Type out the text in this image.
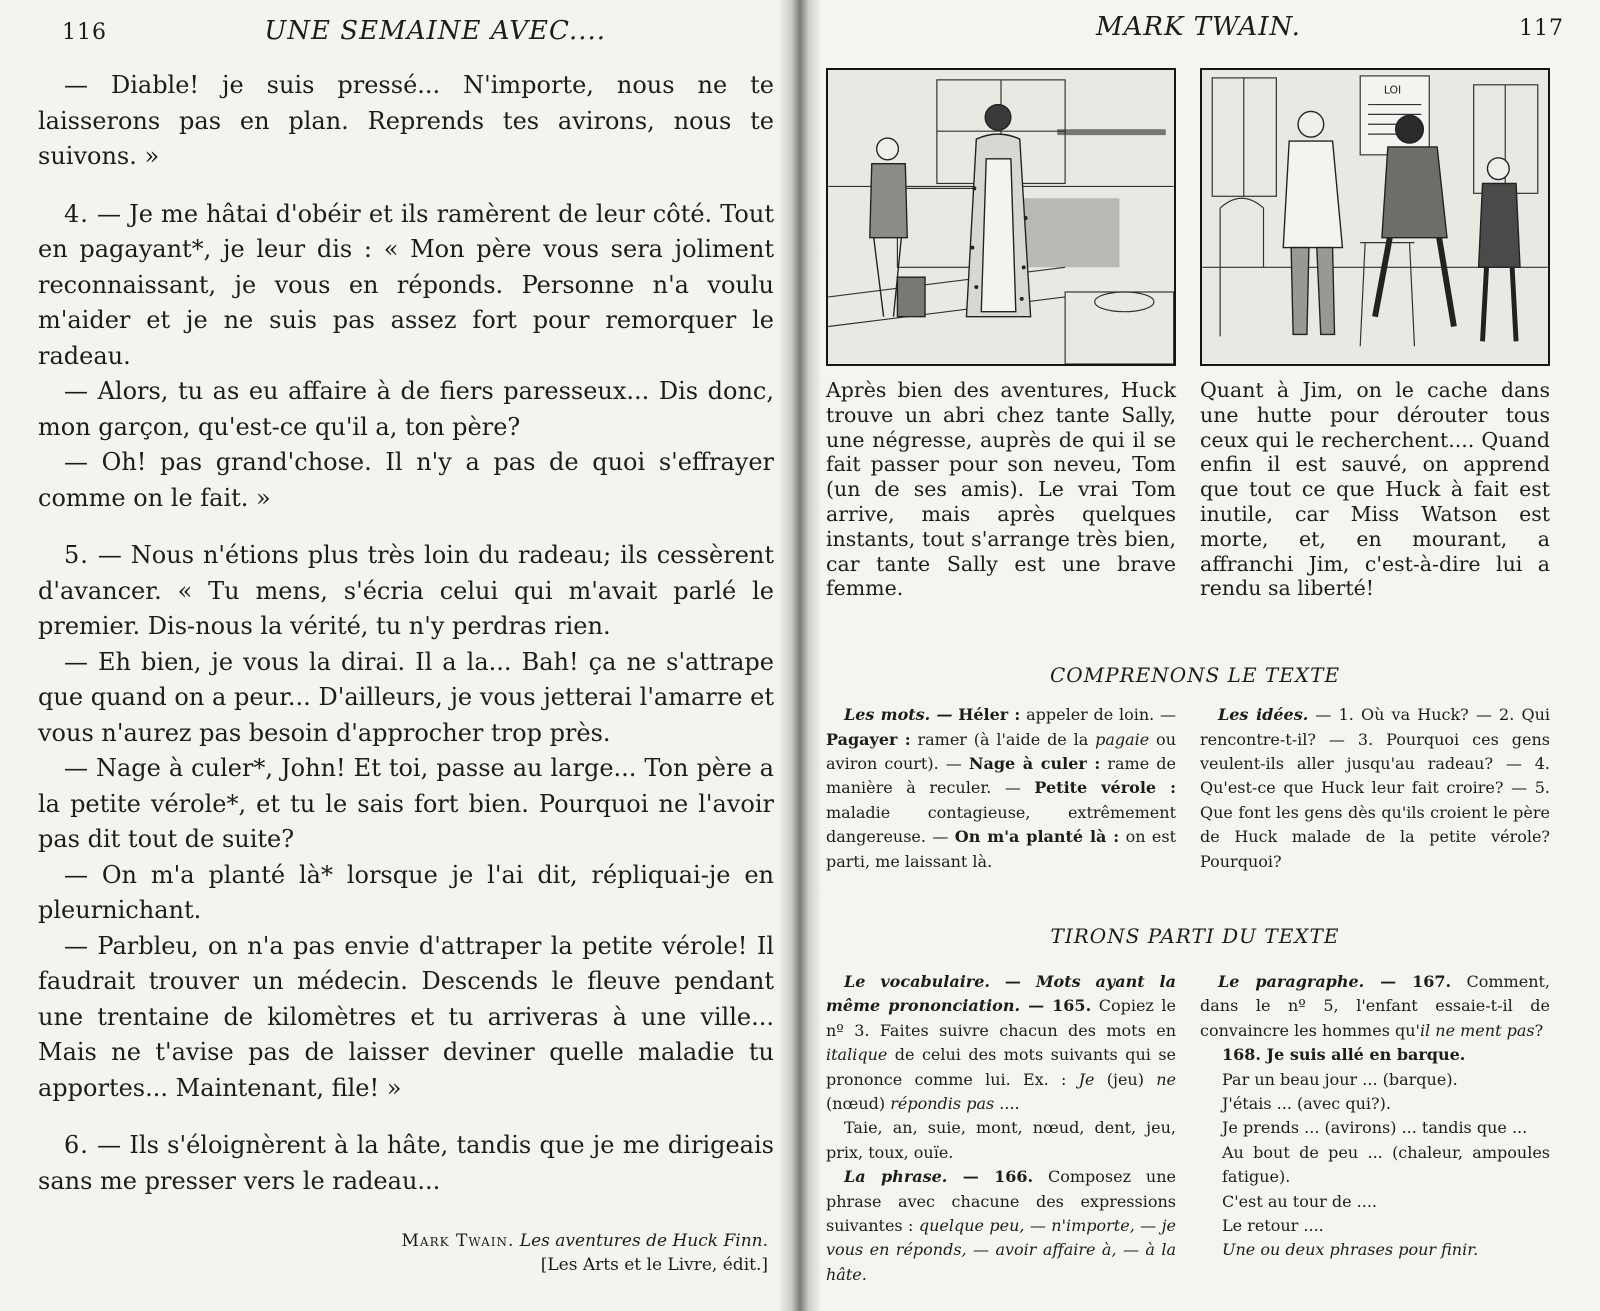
116	UNE SEMAINE AVEC....

— Diable! je suis pressé... N'importe, nous ne te laisserons pas en plan. Reprends tes avirons, nous te suivons. »

4. — Je me hâtai d'obéir et ils ramèrent de leur côté. Tout en pagayant*, je leur dis : « Mon père vous sera joliment reconnaissant, je vous en réponds. Personne n'a voulu m'aider et je ne suis pas assez fort pour remorquer le radeau.

— Alors, tu as eu affaire à de fiers paresseux... Dis donc, mon garçon, qu'est-ce qu'il a, ton père?

— Oh! pas grand'chose. Il n'y a pas de quoi s'effrayer comme on le fait. »

5. — Nous n'étions plus très loin du radeau; ils cessèrent d'avancer. « Tu mens, s'écria celui qui m'avait parlé le premier. Dis-nous la vérité, tu n'y perdras rien.

— Eh bien, je vous la dirai. Il a la... Bah! ça ne s'attrape que quand on a peur... D'ailleurs, je vous jetterai l'amarre et vous n'aurez pas besoin d'approcher trop près.

— Nage à culer*, John! Et toi, passe au large... Ton père a la petite vérole*, et tu le sais fort bien. Pourquoi ne l'avoir pas dit tout de suite?

— On m'a planté là* lorsque je l'ai dit, répliquai-je en pleurnichant.

— Parbleu, on n'a pas envie d'attraper la petite vérole! Il faudrait trouver un médecin. Descends le fleuve pendant une trentaine de kilomètres et tu arriveras à une ville... Mais ne t'avise pas de laisser deviner quelle maladie tu apportes... Maintenant, file! »

6. — Ils s'éloignèrent à la hâte, tandis que je me dirigeais sans me presser vers le radeau...

Mark Twain. Les aventures de Huck Finn.
[Les Arts et le Livre, édit.]
MARK TWAIN.	117
LOI
Après bien des aventures, Huck trouve un abri chez tante Sally, une négresse, auprès de qui il se fait passer pour son neveu, Tom (un de ses amis). Le vrai Tom arrive, mais après quelques instants, tout s'arrange très bien, car tante Sally est une brave femme.
Quant à Jim, on le cache dans une hutte pour dérouter tous ceux qui le recherchent.... Quand enfin il est sauvé, on apprend que tout ce que Huck à fait est inutile, car Miss Watson est morte, et, en mourant, a affranchi Jim, c'est-à-dire lui a rendu sa liberté!
COMPRENONS LE TEXTE

Les mots. — Héler : appeler de loin. — Pagayer : ramer (à l'aide de la pagaie ou aviron court). — Nage à culer : rame de manière à reculer. — Petite vérole : maladie contagieuse, extrêmement dangereuse. — On m'a planté là : on est parti, me laissant là.

Les idées. — 1. Où va Huck? — 2. Qui rencontre-t-il? — 3. Pourquoi ces gens veulent-ils aller jusqu'au radeau? — 4. Qu'est-ce que Huck leur fait croire? — 5. Que font les gens dès qu'ils croient le père de Huck malade de la petite vérole? Pourquoi?

TIRONS PARTI DU TEXTE

Le vocabulaire. — Mots ayant la même prononciation. — 165. Copiez le nº 3. Faites suivre chacun des mots en italique de celui des mots suivants qui se prononce comme lui. Ex. : Je (jeu) ne (nœud) répondis pas ....

Taie, an, suie, mont, nœud, dent, jeu, prix, toux, ouïe.

La phrase. — 166. Composez une phrase avec chacune des expressions suivantes : quelque peu, — n'importe, — je vous en réponds, — avoir affaire à, — à la hâte.

Le paragraphe. — 167. Comment, dans le nº 5, l'enfant essaie-t-il de convaincre les hommes qu'il ne ment pas?

168. Je suis allé en barque.

Par un beau jour ... (barque).

J'étais ... (avec qui?).

Je prends ... (avirons) ... tandis que ...

Au bout de peu ... (chaleur, ampoules fatigue).

C'est au tour de ....

Le retour ....

Une ou deux phrases pour finir.
